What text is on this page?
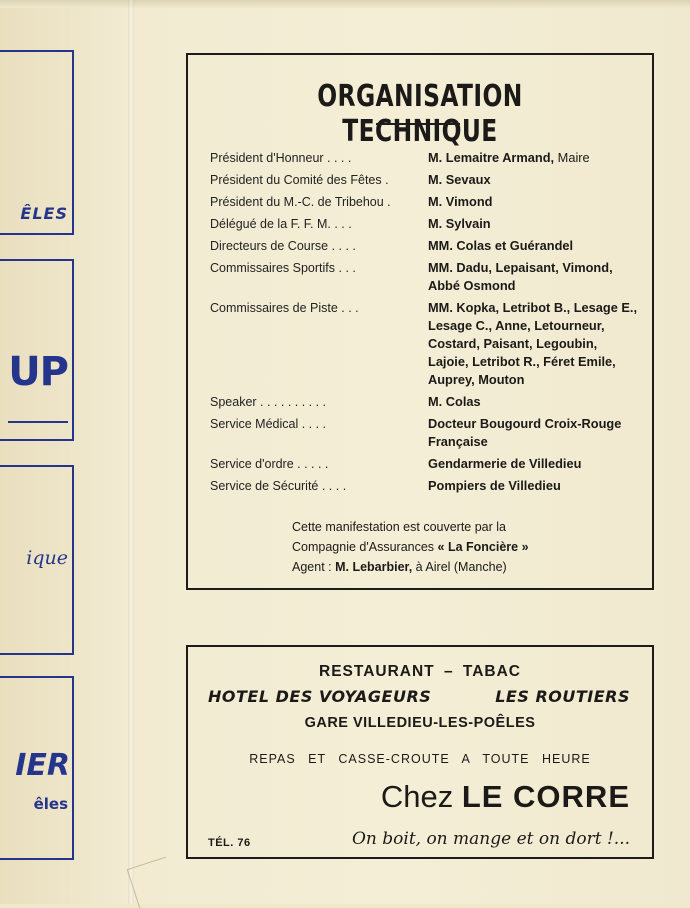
ÊLES
UP
ique
IER
êles
ORGANISATION TECHNIQUE
Président d'Honneur . . . .	M. Lemaitre Armand, Maire
Président du Comité des Fêtes .	M. Sevaux
Président du M.-C. de Tribehou .	M. Vimond
Délégué de la F. F. M. . . .	M. Sylvain
Directeurs de Course . . . .	MM. Colas et Guérandel
Commissaires Sportifs . . .	MM. Dadu, Lepaisant, Vimond, Abbé Osmond
Commissaires de Piste . . .	MM. Kopka, Letribot B., Lesage E., Lesage C., Anne, Letourneur, Costard, Paisant, Legoubin, Lajoie, Letribot R., Féret Emile, Auprey, Mouton
Speaker . . . . . . . . . .	M. Colas
Service Médical . . . .	Docteur Bougourd Croix-Rouge Française
Service d'ordre . . . . .	Gendarmerie de Villedieu
Service de Sécurité . . . .	Pompiers de Villedieu
Cette manifestation est couverte par la
Compagnie d'Assurances « La Foncière »
Agent : M. Lebarbier, à Airel (Manche)
RESTAURANT – TABAC
HOTEL DES VOYAGEURS	LES ROUTIERS
GARE VILLEDIEU-LES-POÊLES
REPAS ET CASSE-CROUTE A TOUTE HEURE
Chez LE CORRE
TÉL. 76	On boit, on mange et on dort !...
